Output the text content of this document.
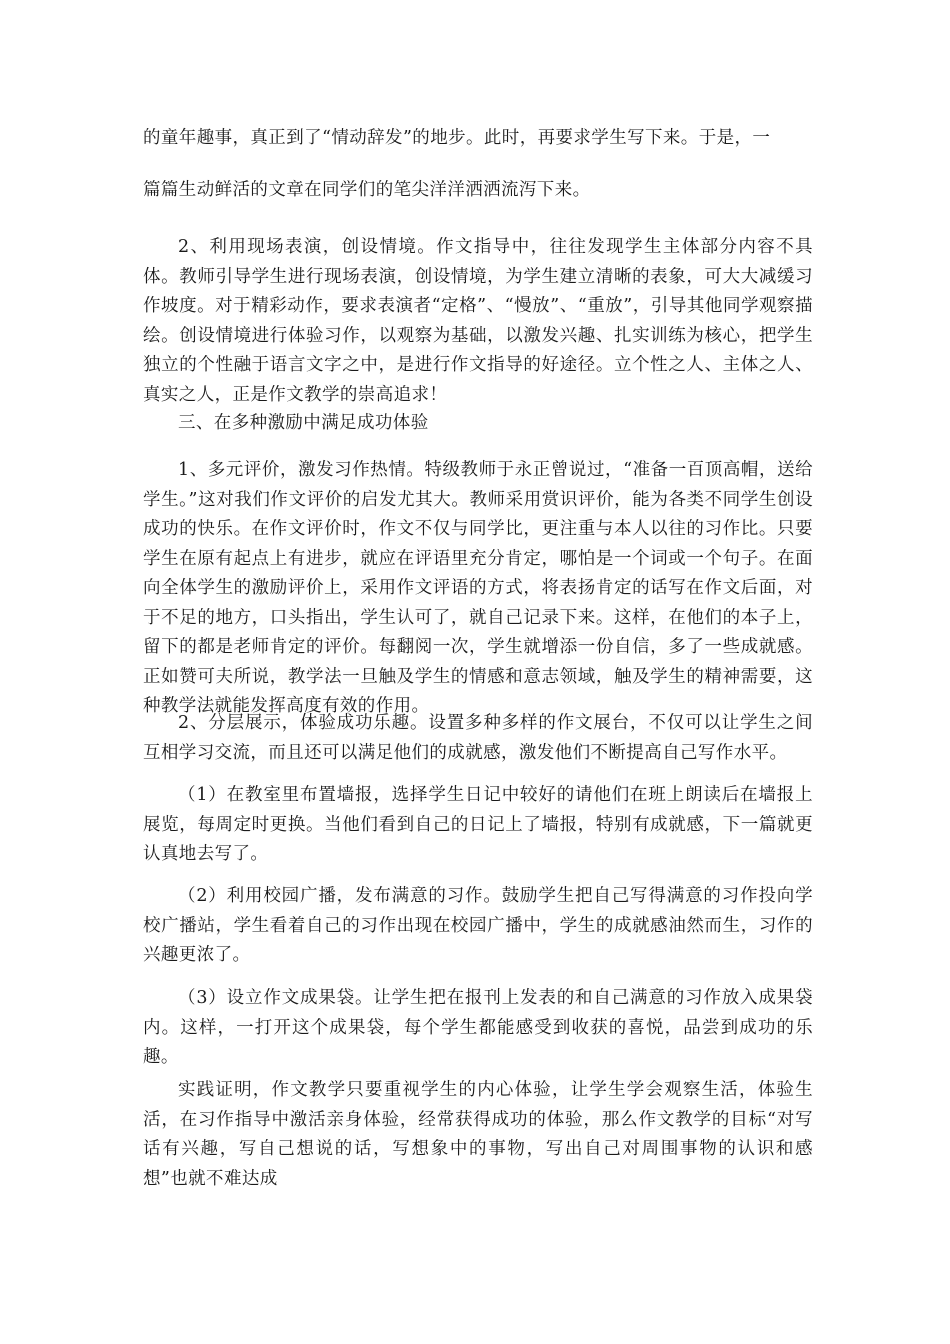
的童年趣事，真正到了“情动辞发”的地步。此时，再要求学生写下来。于是，一

篇篇生动鲜活的文章在同学们的笔尖洋洋洒洒流泻下来。

2、利用现场表演，创设情境。作文指导中，往往发现学生主体部分内容不具体。教师引导学生进行现场表演，创设情境，为学生建立清晰的表象，可大大减缓习作坡度。对于精彩动作，要求表演者“定格”、“慢放”、“重放”，引导其他同学观察描绘。创设情境进行体验习作，以观察为基础，以激发兴趣、扎实训练为核心，把学生独立的个性融于语言文字之中，是进行作文指导的好途径。立个性之人、主体之人、真实之人，正是作文教学的崇高追求！

三、在多种激励中满足成功体验

1、多元评价，激发习作热情。特级教师于永正曾说过，“准备一百顶高帽，送给学生。”这对我们作文评价的启发尤其大。教师采用赏识评价，能为各类不同学生创设成功的快乐。在作文评价时，作文不仅与同学比，更注重与本人以往的习作比。只要学生在原有起点上有进步，就应在评语里充分肯定，哪怕是一个词或一个句子。在面向全体学生的激励评价上，采用作文评语的方式，将表扬肯定的话写在作文后面，对于不足的地方，口头指出，学生认可了，就自己记录下来。这样，在他们的本子上，留下的都是老师肯定的评价。每翻阅一次，学生就增添一份自信，多了一些成就感。正如赞可夫所说，教学法一旦触及学生的情感和意志领域，触及学生的精神需要，这种教学法就能发挥高度有效的作用。

2、分层展示，体验成功乐趣。设置多种多样的作文展台，不仅可以让学生之间互相学习交流，而且还可以满足他们的成就感，激发他们不断提高自己写作水平。

（1）在教室里布置墙报，选择学生日记中较好的请他们在班上朗读后在墙报上展览，每周定时更换。当他们看到自己的日记上了墙报，特别有成就感，下一篇就更认真地去写了。

（2）利用校园广播，发布满意的习作。鼓励学生把自己写得满意的习作投向学校广播站，学生看着自己的习作出现在校园广播中，学生的成就感油然而生，习作的兴趣更浓了。

（3）设立作文成果袋。让学生把在报刊上发表的和自己满意的习作放入成果袋内。这样，一打开这个成果袋，每个学生都能感受到收获的喜悦，品尝到成功的乐趣。

实践证明，作文教学只要重视学生的内心体验，让学生学会观察生活，体验生活，在习作指导中激活亲身体验，经常获得成功的体验，那么作文教学的目标“对写话有兴趣，写自己想说的话，写想象中的事物，写出自己对周围事物的认识和感想”也就不难达成
